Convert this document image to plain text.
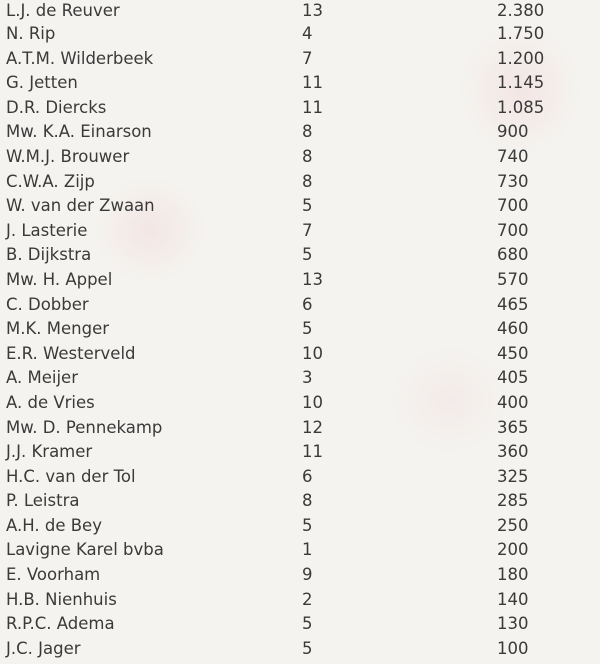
L.J. de Reuver	13	2.380
N. Rip	4	1.750
A.T.M. Wilderbeek	7	1.200
G. Jetten	11	1.145
D.R. Diercks	11	1.085
Mw. K.A. Einarson	8	900
W.M.J. Brouwer	8	740
C.W.A. Zijp	8	730
W. van der Zwaan	5	700
J. Lasterie	7	700
B. Dijkstra	5	680
Mw. H. Appel	13	570
C. Dobber	6	465
M.K. Menger	5	460
E.R. Westerveld	10	450
A. Meijer	3	405
A. de Vries	10	400
Mw. D. Pennekamp	12	365
J.J. Kramer	11	360
H.C. van der Tol	6	325
P. Leistra	8	285
A.H. de Bey	5	250
Lavigne Karel bvba	1	200
E. Voorham	9	180
H.B. Nienhuis	2	140
R.P.C. Adema	5	130
J.C. Jager	5	100
